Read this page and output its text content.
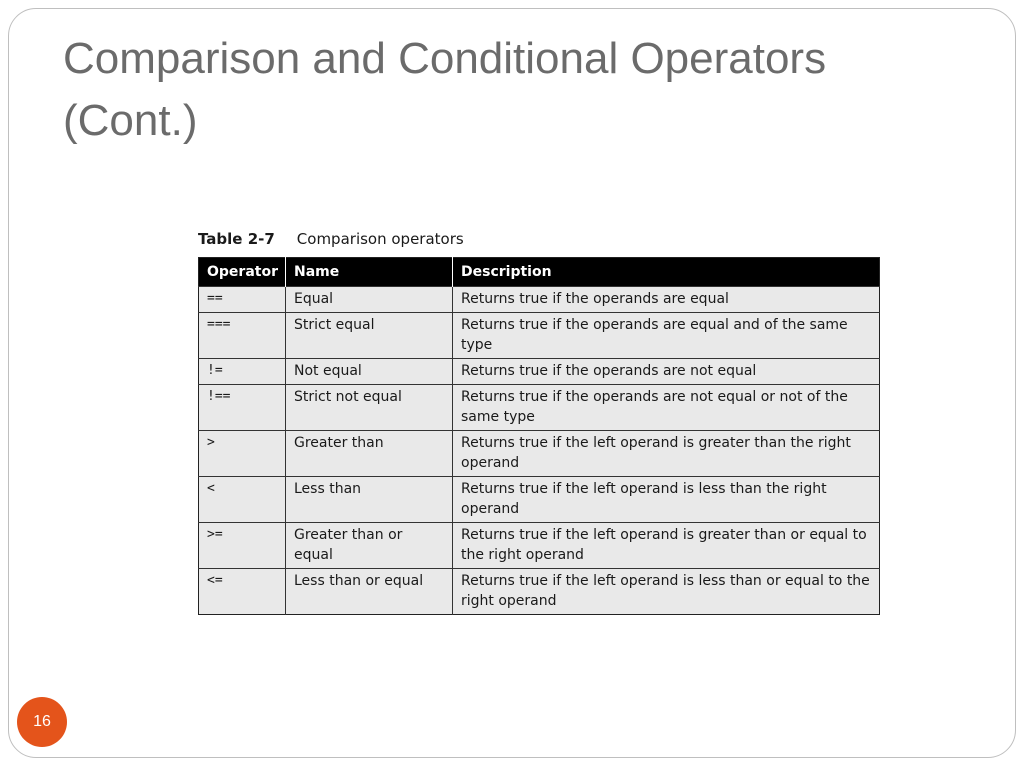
Comparison and Conditional Operators
(Cont.)
Table 2-7 Comparison operators
Operator	Name	Description
==	Equal	Returns true if the operands are equal
===	Strict equal	Returns true if the operands are equal and of the same type
!=	Not equal	Returns true if the operands are not equal
!==	Strict not equal	Returns true if the operands are not equal or not of the same type
>	Greater than	Returns true if the left operand is greater than the right operand
<	Less than	Returns true if the left operand is less than the right operand
>=	Greater than or equal	Returns true if the left operand is greater than or equal to the right operand
<=	Less than or equal	Returns true if the left operand is less than or equal to the right operand
16
